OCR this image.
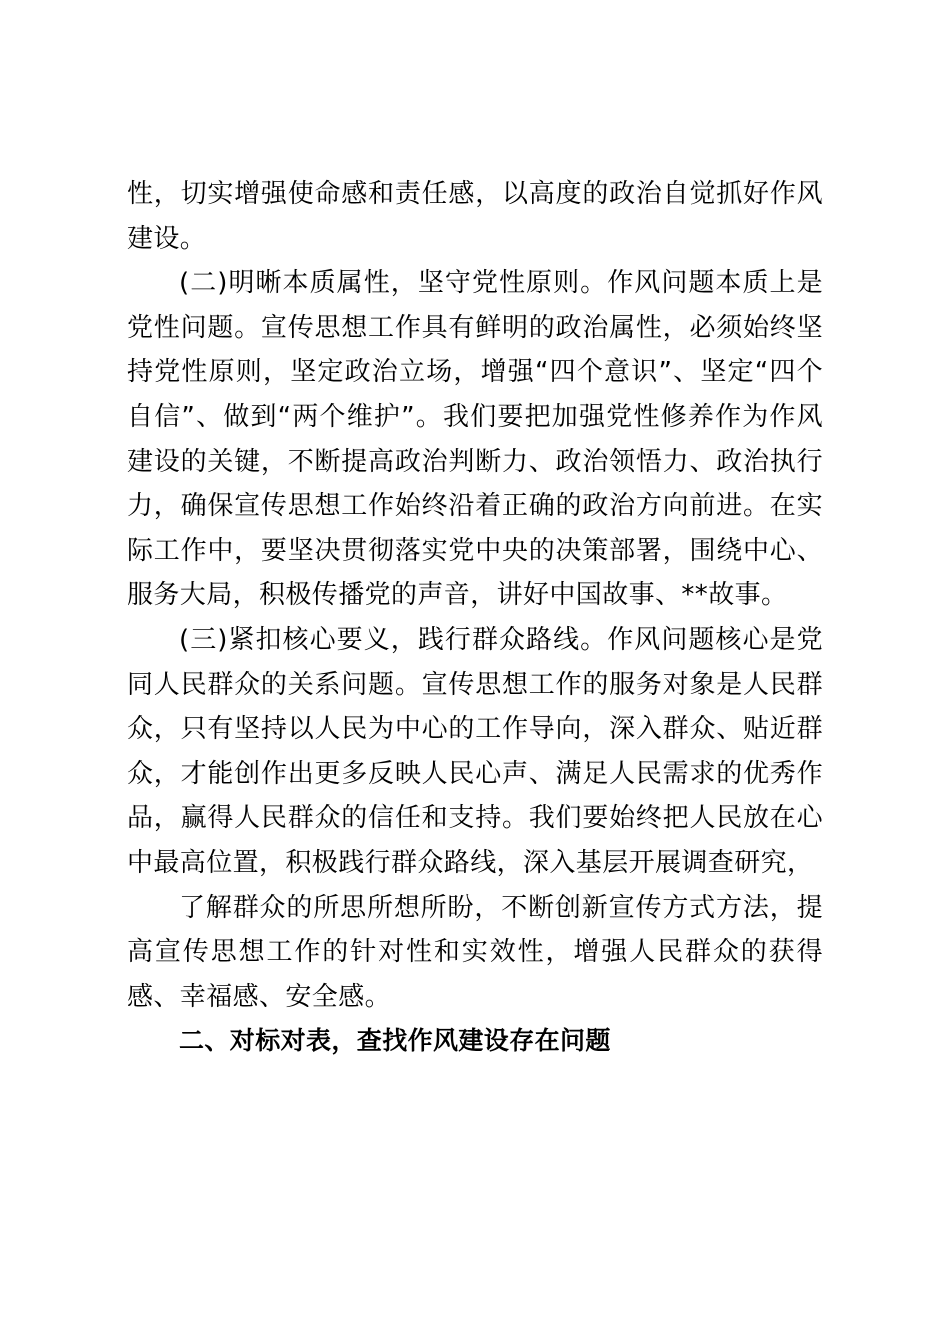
性，切实增强使命感和责任感，以高度的政治自觉抓好作风建设。

(二)明晰本质属性，坚守党性原则。作风问题本质上是党性问题。宣传思想工作具有鲜明的政治属性，必须始终坚持党性原则，坚定政治立场，增强“四个意识”、坚定“四个自信”、做到“两个维护”。我们要把加强党性修养作为作风建设的关键，不断提高政治判断力、政治领悟力、政治执行力，确保宣传思想工作始终沿着正确的政治方向前进。在实际工作中，要坚决贯彻落实党中央的决策部署，围绕中心、服务大局，积极传播党的声音，讲好中国故事、**故事。

(三)紧扣核心要义，践行群众路线。作风问题核心是党同人民群众的关系问题。宣传思想工作的服务对象是人民群众，只有坚持以人民为中心的工作导向，深入群众、贴近群众，才能创作出更多反映人民心声、满足人民需求的优秀作品，赢得人民群众的信任和支持。我们要始终把人民放在心中最高位置，积极践行群众路线，深入基层开展调查研究，

了解群众的所思所想所盼，不断创新宣传方式方法，提高宣传思想工作的针对性和实效性，增强人民群众的获得感、幸福感、安全感。

二、对标对表，查找作风建设存在问题
